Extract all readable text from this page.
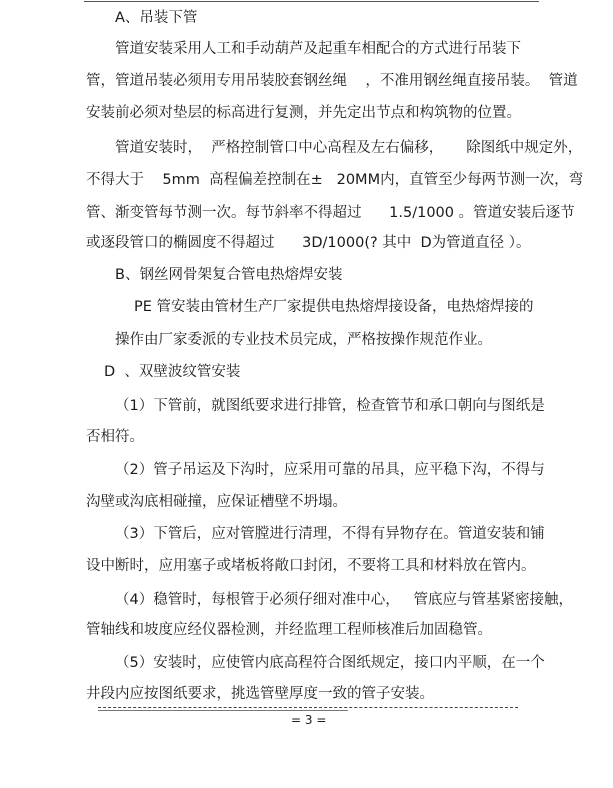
A、吊装下管
管道安装采用人工和手动葫芦及起重车相配合的方式进行吊装下
管，管道吊装必须用专用吊装胶套钢丝绳    ，不准用钢丝绳直接吊装。  管道
安装前必须对垫层的标高进行复测，并先定出节点和构筑物的位置。
管道安装时，  严格控制管口中心高程及左右偏移，     除图纸中规定外，
不得大于    5mm  高程偏差控制在±   20MM内，直管至少每两节测一次，弯
管、渐变管每节测一次。每节斜率不得超过      1.5/1000 。管道安装后逐节
或逐段管口的椭圆度不得超过      3D/1000(? 其中  D为管道直径 ）。
B、钢丝网骨架复合管电热熔焊安装
PE 管安装由管材生产厂家提供电热熔焊接设备，电热熔焊接的
操作由厂家委派的专业技术员完成，严格按操作规范作业。
D  、双壁波纹管安装
（1）下管前，就图纸要求进行排管，检查管节和承口朝向与图纸是
否相符。
（2）管子吊运及下沟时，应采用可靠的吊具，应平稳下沟，不得与
沟壁或沟底相碰撞，应保证槽壁不坍塌。
（3）下管后，应对管膛进行清理，不得有异物存在。管道安装和铺
设中断时，应用塞子或堵板将敞口封闭，不要将工具和材料放在管内。
（4）稳管时，每根管于必须仔细对准中心，   管底应与管基紧密接触，
管轴线和坡度应经仪器检测，并经监理工程师核准后加固稳管。
（5）安装时，应使管内底高程符合图纸规定，接口内平顺，在一个
井段内应按图纸要求，挑选管壁厚度一致的管子安装。
= 3 =
